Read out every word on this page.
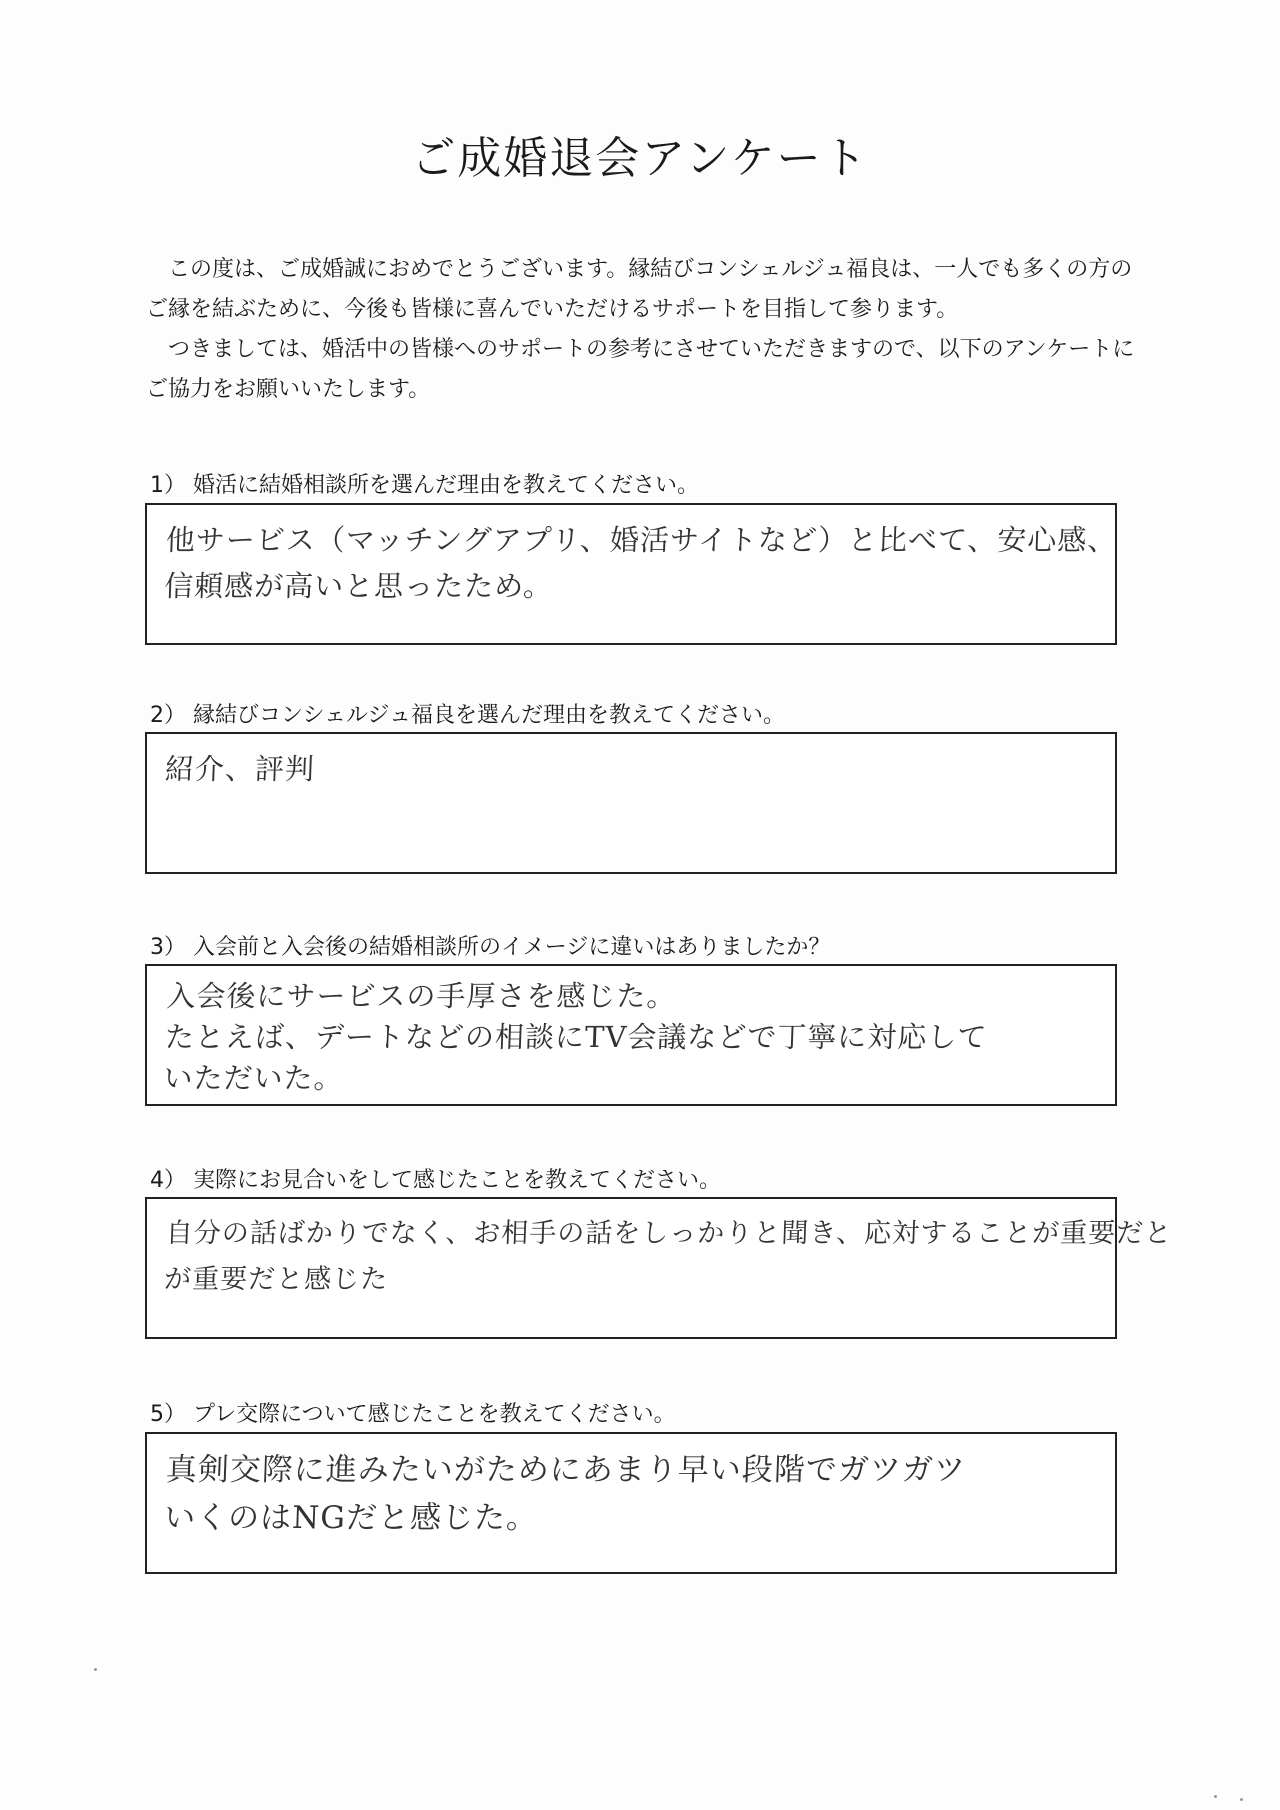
ご成婚退会アンケート

この度は、ご成婚誠におめでとうございます。縁結びコンシェルジュ福良は、一人でも多くの方のご縁を結ぶために、今後も皆様に喜んでいただけるサポートを目指して参ります。

つきましては、婚活中の皆様へのサポートの参考にさせていただきますので、以下のアンケートにご協力をお願いいたします。

1） 婚活に結婚相談所を選んだ理由を教えてください。

他サービス（マッチングアプリ、婚活サイトなど）と比べて、安心感、
信頼感が高いと思ったため。

2） 縁結びコンシェルジュ福良を選んだ理由を教えてください。

紹介、評判

3） 入会前と入会後の結婚相談所のイメージに違いはありましたか？

入会後にサービスの手厚さを感じた。
たとえば、デートなどの相談にTV会議などで丁寧に対応して
いただいた。

4） 実際にお見合いをして感じたことを教えてください。

自分の話ばかりでなく、お相手の話をしっかりと聞き、応対することが重要だと
が重要だと感じた

5） プレ交際について感じたことを教えてください。

真剣交際に進みたいがためにあまり早い段階でガツガツ
いくのはNGだと感じた。
